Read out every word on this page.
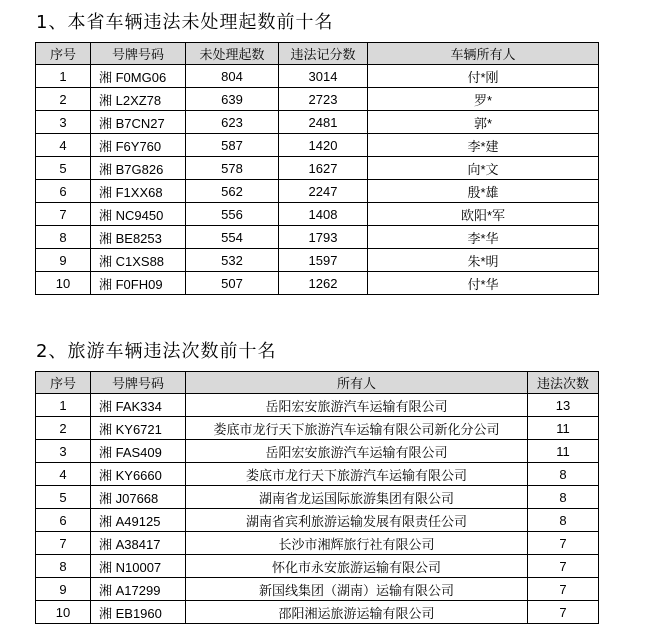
1、本省车辆违法未处理起数前十名
序号	号牌号码	未处理起数	违法记分数	车辆所有人
1	湘 F0MG06	804	3014	付*刚
2	湘 L2XZ78	639	2723	罗*
3	湘 B7CN27	623	2481	郭*
4	湘 F6Y760	587	1420	李*建
5	湘 B7G826	578	1627	向*文
6	湘 F1XX68	562	2247	殷*雄
7	湘 NC9450	556	1408	欧阳*军
8	湘 BE8253	554	1793	李*华
9	湘 C1XS88	532	1597	朱*明
10	湘 F0FH09	507	1262	付*华
2、旅游车辆违法次数前十名
序号	号牌号码	所有人	违法次数
1	湘 FAK334	岳阳宏安旅游汽车运输有限公司	13
2	湘 KY6721	娄底市龙行天下旅游汽车运输有限公司新化分公司	11
3	湘 FAS409	岳阳宏安旅游汽车运输有限公司	11
4	湘 KY6660	娄底市龙行天下旅游汽车运输有限公司	8
5	湘 J07668	湖南省龙运国际旅游集团有限公司	8
6	湘 A49125	湖南省宾利旅游运输发展有限责任公司	8
7	湘 A38417	长沙市湘辉旅行社有限公司	7
8	湘 N10007	怀化市永安旅游运输有限公司	7
9	湘 A17299	新国线集团（湖南）运输有限公司	7
10	湘 EB1960	邵阳湘运旅游运输有限公司	7
